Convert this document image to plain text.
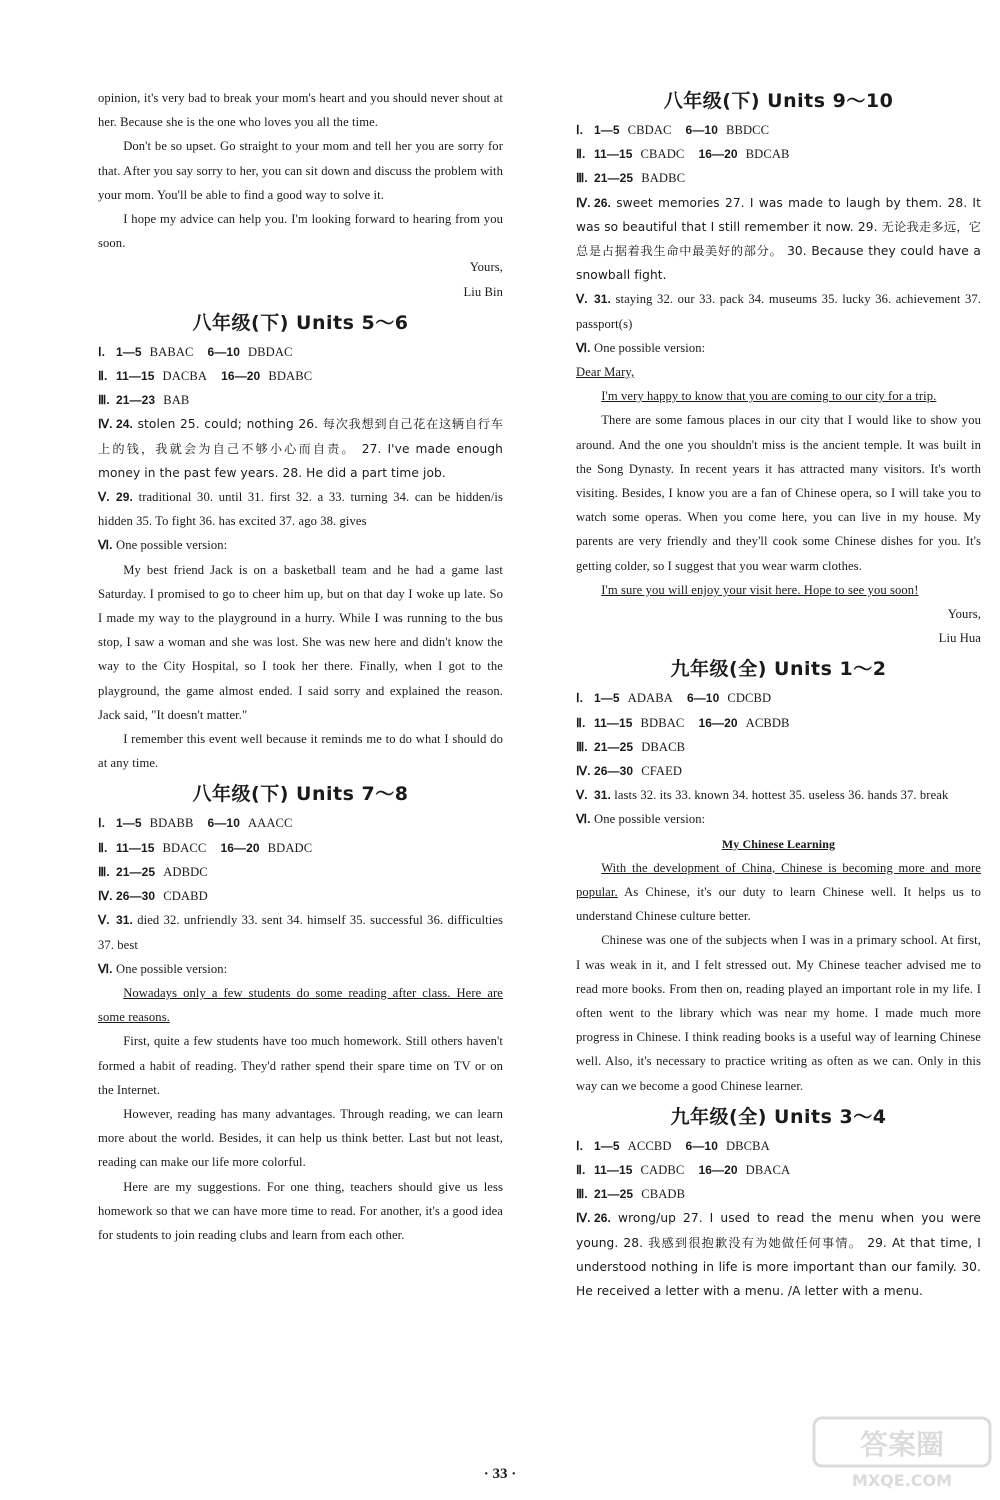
opinion, it's very bad to break your mom's heart and you should never shout at her. Because she is the one who loves you all the time.

Don't be so upset. Go straight to your mom and tell her you are sorry for that. After you say sorry to her, you can sit down and discuss the problem with your mom. You'll be able to find a good way to solve it.

I hope my advice can help you. I'm looking forward to hearing from you soon.

Yours,

Liu Bin

八年级(下) Units 5～6

Ⅰ. 1—5 BABAC 6—10 DBDAC

Ⅱ. 11—15 DACBA 16—20 BDABC

Ⅲ. 21—23 BAB

Ⅳ. 24. stolen 25. could; nothing 26. 每次我想到自己花在这辆自行车上的钱，我就会为自己不够小心而自责。 27. I've made enough money in the past few years. 28. He did a part time job.

Ⅴ. 29. traditional 30. until 31. first 32. a 33. turning 34. can be hidden/is hidden 35. To fight 36. has excited 37. ago 38. gives

Ⅵ. One possible version:

My best friend Jack is on a basketball team and he had a game last Saturday. I promised to go to cheer him up, but on that day I woke up late. So I made my way to the playground in a hurry. While I was running to the bus stop, I saw a woman and she was lost. She was new here and didn't know the way to the City Hospital, so I took her there. Finally, when I got to the playground, the game almost ended. I said sorry and explained the reason. Jack said, "It doesn't matter."

I remember this event well because it reminds me to do what I should do at any time.

八年级(下) Units 7～8

Ⅰ. 1—5 BDABB 6—10 AAACC

Ⅱ. 11—15 BDACC 16—20 BDADC

Ⅲ. 21—25 ADBDC

Ⅳ. 26—30 CDABD

Ⅴ. 31. died 32. unfriendly 33. sent 34. himself 35. successful 36. difficulties 37. best

Ⅵ. One possible version:

Nowadays only a few students do some reading after class. Here are some reasons.

First, quite a few students have too much homework. Still others haven't formed a habit of reading. They'd rather spend their spare time on TV or on the Internet.

However, reading has many advantages. Through reading, we can learn more about the world. Besides, it can help us think better. Last but not least, reading can make our life more colorful.

Here are my suggestions. For one thing, teachers should give us less homework so that we can have more time to read. For another, it's a good idea for students to join reading clubs and learn from each other.

八年级(下) Units 9～10

Ⅰ. 1—5 CBDAC 6—10 BBDCC

Ⅱ. 11—15 CBADC 16—20 BDCAB

Ⅲ. 21—25 BADBC

Ⅳ. 26. sweet memories 27. I was made to laugh by them. 28. It was so beautiful that I still remember it now. 29. 无论我走多远，它总是占据着我生命中最美好的部分。 30. Because they could have a snowball fight.

Ⅴ. 31. staying 32. our 33. pack 34. museums 35. lucky 36. achievement 37. passport(s)

Ⅵ. One possible version:

Dear Mary,

I'm very happy to know that you are coming to our city for a trip.

There are some famous places in our city that I would like to show you around. And the one you shouldn't miss is the ancient temple. It was built in the Song Dynasty. In recent years it has attracted many visitors. It's worth visiting. Besides, I know you are a fan of Chinese opera, so I will take you to watch some operas. When you come here, you can live in my house. My parents are very friendly and they'll cook some Chinese dishes for you. It's getting colder, so I suggest that you wear warm clothes.

I'm sure you will enjoy your visit here. Hope to see you soon!

Yours,

Liu Hua

九年级(全) Units 1～2

Ⅰ. 1—5 ADABA 6—10 CDCBD

Ⅱ. 11—15 BDBAC 16—20 ACBDB

Ⅲ. 21—25 DBACB

Ⅳ. 26—30 CFAED

Ⅴ. 31. lasts 32. its 33. known 34. hottest 35. useless 36. hands 37. break

Ⅵ. One possible version:

My Chinese Learning

With the development of China, Chinese is becoming more and more popular. As Chinese, it's our duty to learn Chinese well. It helps us to understand Chinese culture better.

Chinese was one of the subjects when I was in a primary school. At first, I was weak in it, and I felt stressed out. My Chinese teacher advised me to read more books. From then on, reading played an important role in my life. I often went to the library which was near my home. I made much more progress in Chinese. I think reading books is a useful way of learning Chinese well. Also, it's necessary to practice writing as often as we can. Only in this way can we become a good Chinese learner.

九年级(全) Units 3～4

Ⅰ. 1—5 ACCBD 6—10 DBCBA

Ⅱ. 11—15 CADBC 16—20 DBACA

Ⅲ. 21—25 CBADB

Ⅳ. 26. wrong/up 27. I used to read the menu when you were young. 28. 我感到很抱歉没有为她做任何事情。 29. At that time, I understood nothing in life is more important than our family. 30. He received a letter with a menu. /A letter with a menu.

· 33 ·
答案圈
MXQE.COM
